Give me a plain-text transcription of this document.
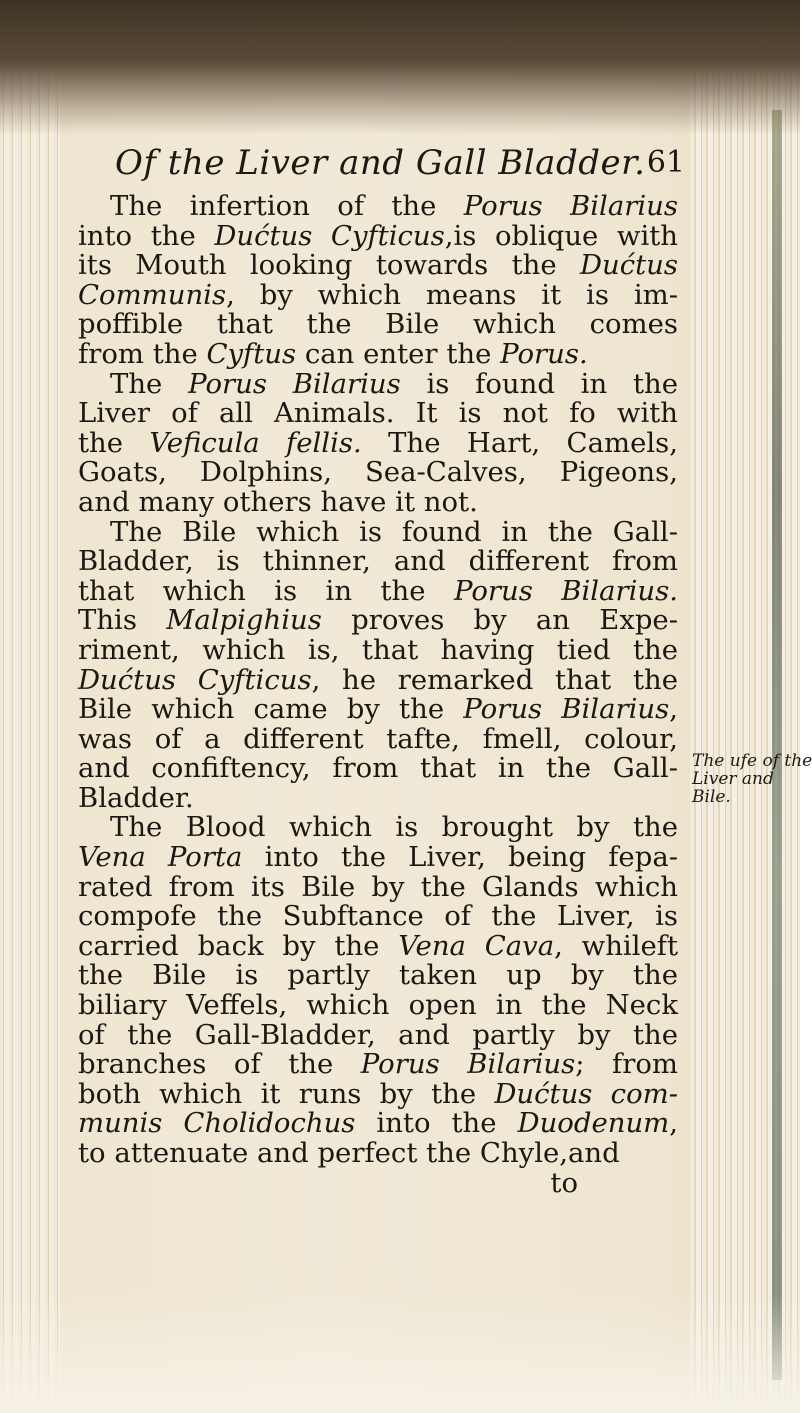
Of the Liver and Gall Bladder. 61
The infertion of the Porus Bilarius
into the Dućtus Cyfticus,is oblique with
its Mouth looking towards the Dućtus
Communis, by which means it is im-
poffible that the Bile which comes
from the Cyftus can enter the Porus.
The Porus Bilarius is found in the
Liver of all Animals. It is not fo with
the Veficula fellis. The Hart, Camels,
Goats, Dolphins, Sea-Calves, Pigeons,
and many others have it not.
The Bile which is found in the Gall-
Bladder, is thinner, and different from
that which is in the Porus Bilarius.
This Malpighius proves by an Expe-
riment, which is, that having tied the
Dućtus Cyfticus, he remarked that the
Bile which came by the Porus Bilarius,
was of a different tafte, fmell, colour,
and confiftency, from that in the Gall-
Bladder.
The Blood which is brought by the
Vena Porta into the Liver, being fepa-
rated from its Bile by the Glands which
compofe the Subftance of the Liver, is
carried back by the Vena Cava, whileft
the Bile is partly taken up by the
biliary Veffels, which open in the Neck
of the Gall-Bladder, and partly by the
branches of the Porus Bilarius; from
both which it runs by the Dućtus com-
munis Cholidochus into the Duodenum,
to attenuate and perfect the Chyle,and
to
The ufe of the
Liver and
Bile.
